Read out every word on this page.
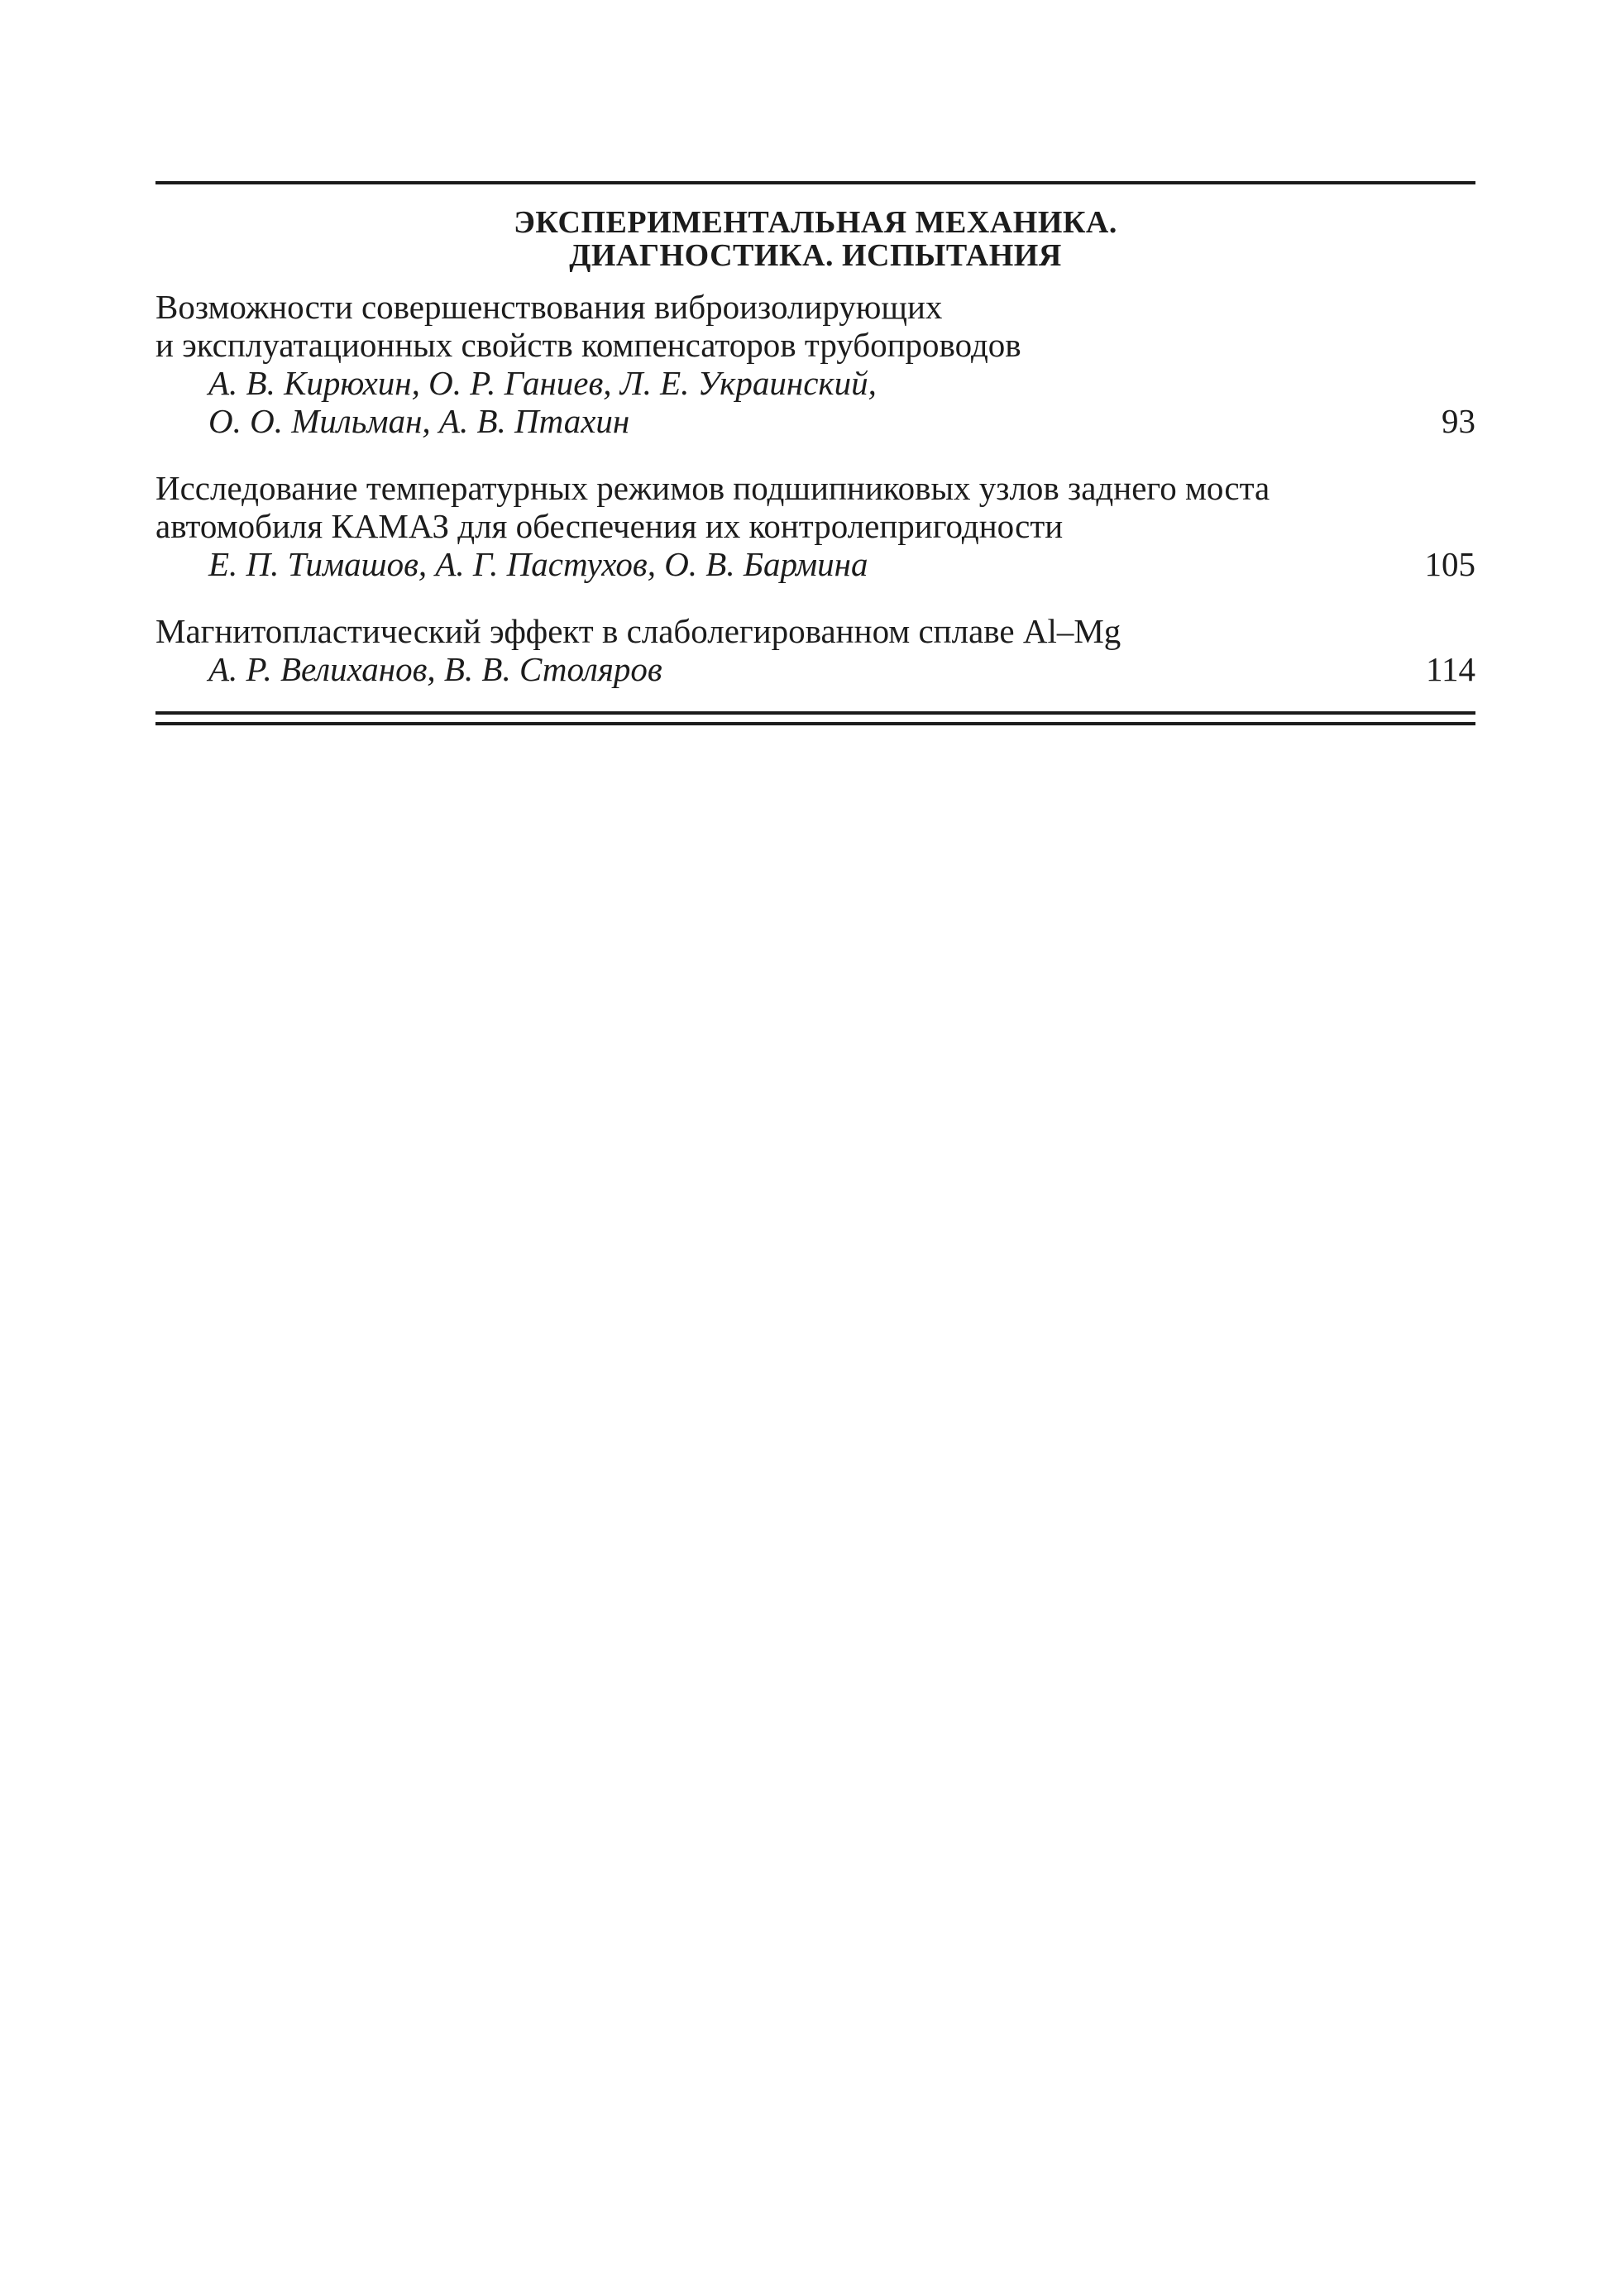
ЭКСПЕРИМЕНТАЛЬНАЯ МЕХАНИКА.
ДИАГНОСТИКА. ИСПЫТАНИЯ
Возможности совершенствования виброизолирующих
и эксплуатационных свойств компенсаторов трубопроводов
А. В. Кирюхин, О. Р. Ганиев, Л. Е. Украинский,
О. О. Мильман, А. В. Птахин	93
Исследование температурных режимов подшипниковых узлов заднего моста
автомобиля КАМАЗ для обеспечения их контролепригодности
Е. П. Тимашов, А. Г. Пастухов, О. В. Бармина	105
Магнитопластический эффект в слаболегированном сплаве Al–Mg
А. Р. Велиханов, В. В. Столяров	114
